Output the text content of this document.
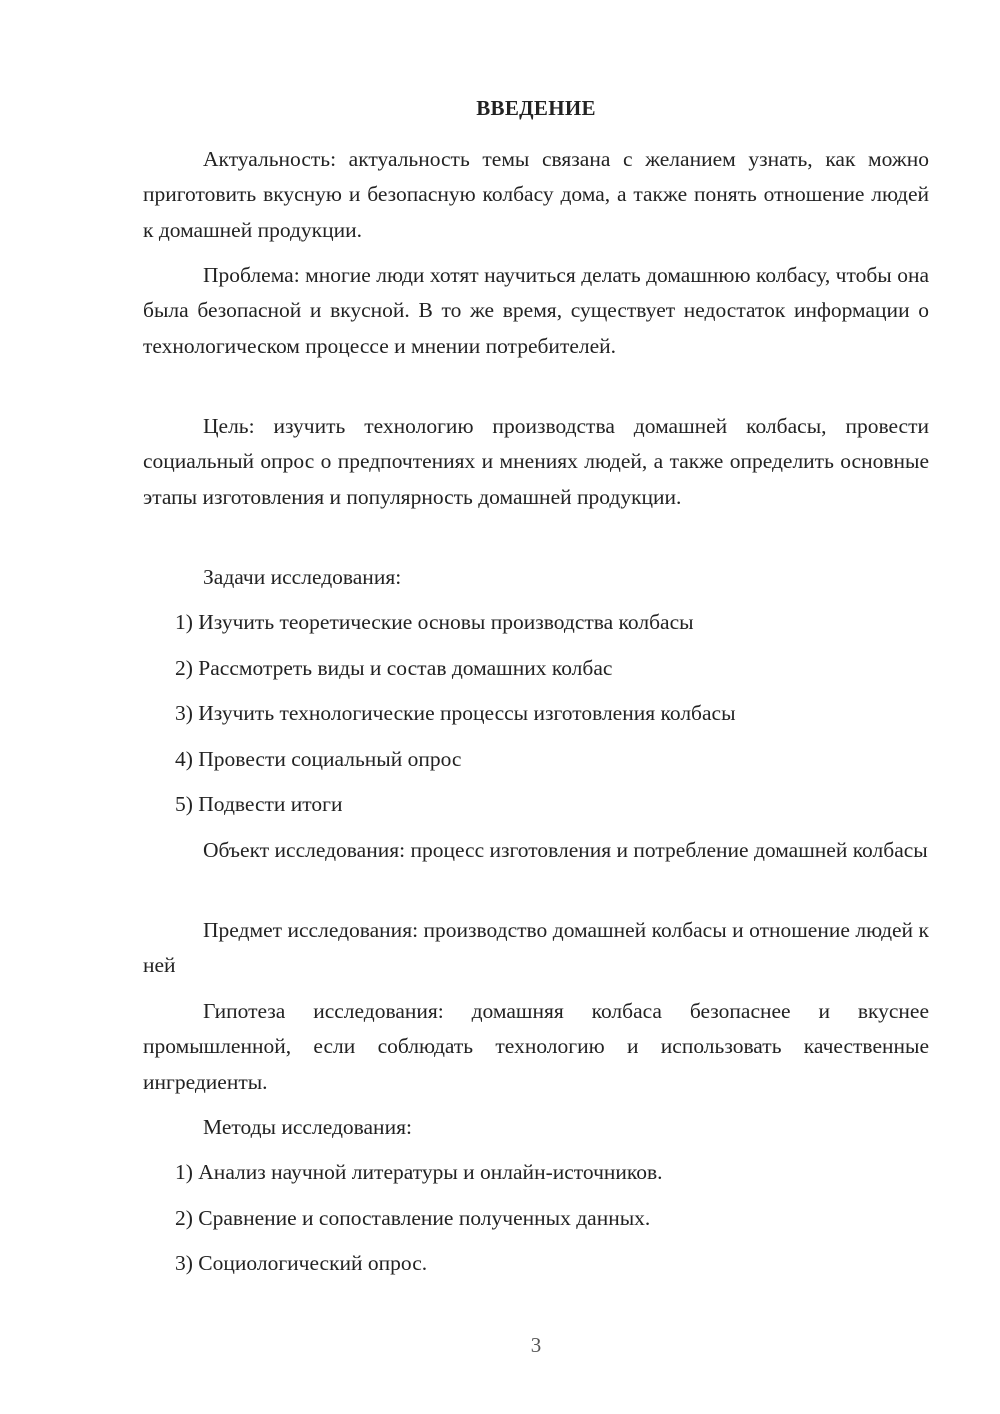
ВВЕДЕНИЕ

Актуальность: актуальность темы связана с желанием узнать, как можно приготовить вкусную и безопасную колбасу дома, а также понять отношение людей к домашней продукции.

Проблема: многие люди хотят научиться делать домашнюю колбасу, чтобы она была безопасной и вкусной. В то же время, существует недостаток информации о технологическом процессе и мнении потребителей.

Цель: изучить технологию производства домашней колбасы, провести социальный опрос о предпочтениях и мнениях людей, а также определить основные этапы изготовления и популярность домашней продукции.

Задачи исследования:

1) Изучить теоретические основы производства колбасы

2) Рассмотреть виды и состав домашних колбас

3) Изучить технологические процессы изготовления колбасы

4) Провести социальный опрос

5) Подвести итоги

Объект исследования: процесс изготовления и потребление домашней колбасы

Предмет исследования: производство домашней колбасы и отношение людей к ней

Гипотеза исследования: домашняя колбаса безопаснее и вкуснее промышленной, если соблюдать технологию и использовать качественные ингредиенты.

Методы исследования:

1) Анализ научной литературы и онлайн-источников.

2) Сравнение и сопоставление полученных данных.

3) Социологический опрос.

3
